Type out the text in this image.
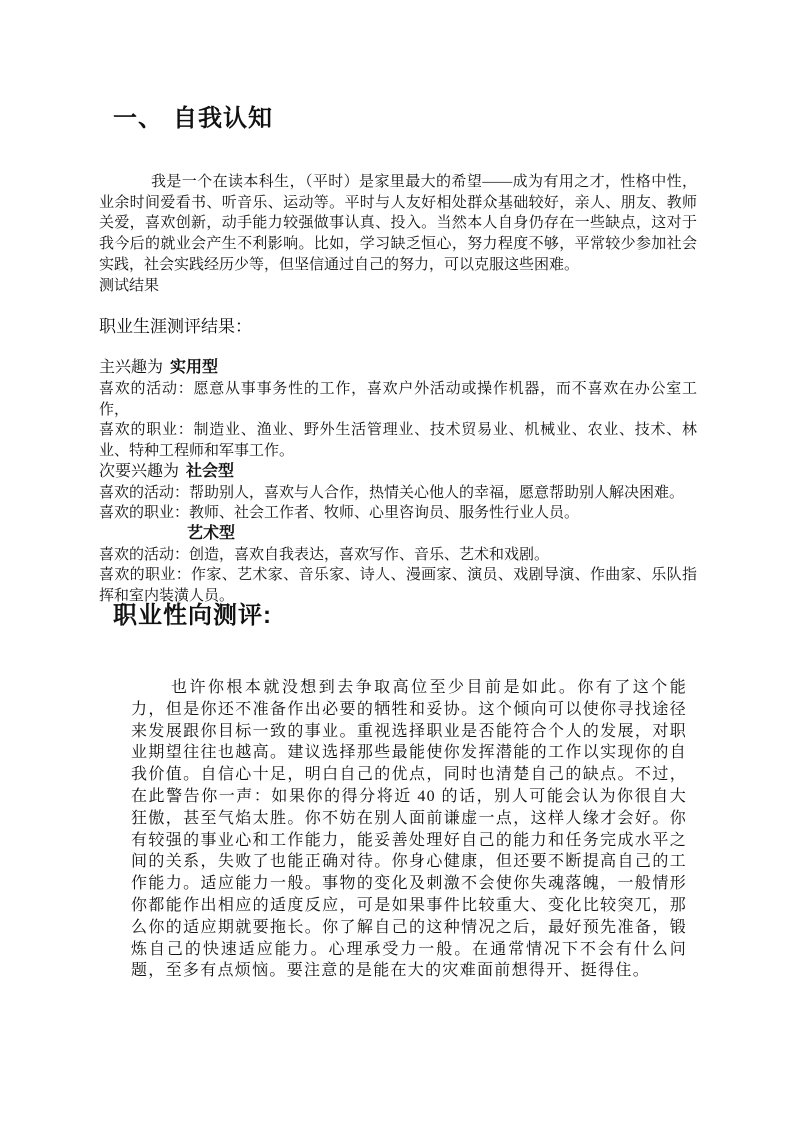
一、 自我认知

我是一个在读本科生，（平时）是家里最大的希望——成为有用之才，性格中性，业余时间爱看书、听音乐、运动等。平时与人友好相处群众基础较好，亲人、朋友、教师关爱，喜欢创新，动手能力较强做事认真、投入。当然本人自身仍存在一些缺点，这对于我今后的就业会产生不利影响。比如，学习缺乏恒心，努力程度不够，平常较少参加社会实践，社会实践经历少等，但坚信通过自己的努力，可以克服这些困难。

测试结果
职业生涯测评结果：
主兴趣为 实用型
喜欢的活动：愿意从事事务性的工作，喜欢户外活动或操作机器，而不喜欢在办公室工作，
喜欢的职业：制造业、渔业、野外生活管理业、技术贸易业、机械业、农业、技术、林业、特种工程师和军事工作。
次要兴趣为 社会型
喜欢的活动：帮助别人，喜欢与人合作，热情关心他人的幸福，愿意帮助别人解决困难。
喜欢的职业：教师、社会工作者、牧师、心里咨询员、服务性行业人员。
艺术型
喜欢的活动：创造，喜欢自我表达，喜欢写作、音乐、艺术和戏剧。
喜欢的职业：作家、艺术家、音乐家、诗人、漫画家、演员、戏剧导演、作曲家、乐队指挥和室内装潢人员。
职业性向测评:

也许你根本就没想到去争取高位至少目前是如此。你有了这个能力，但是你还不准备作出必要的牺牲和妥协。这个倾向可以使你寻找途径来发展跟你目标一致的事业。重视选择职业是否能符合个人的发展，对职业期望往往也越高。建议选择那些最能使你发挥潜能的工作以实现你的自我价值。自信心十足，明白自己的优点，同时也清楚自己的缺点。不过，在此警告你一声：如果你的得分将近 40 的话，别人可能会认为你很自大狂傲，甚至气焰太胜。你不妨在别人面前谦虚一点，这样人缘才会好。你有较强的事业心和工作能力，能妥善处理好自己的能力和任务完成水平之间的关系，失败了也能正确对待。你身心健康，但还要不断提高自己的工作能力。适应能力一般。事物的变化及刺激不会使你失魂落魄，一般情形你都能作出相应的适度反应，可是如果事件比较重大、变化比较突兀，那么你的适应期就要拖长。你了解自己的这种情况之后，最好预先准备，锻炼自己的快速适应能力。心理承受力一般。在通常情况下不会有什么问题，至多有点烦恼。要注意的是能在大的灾难面前想得开、挺得住。
